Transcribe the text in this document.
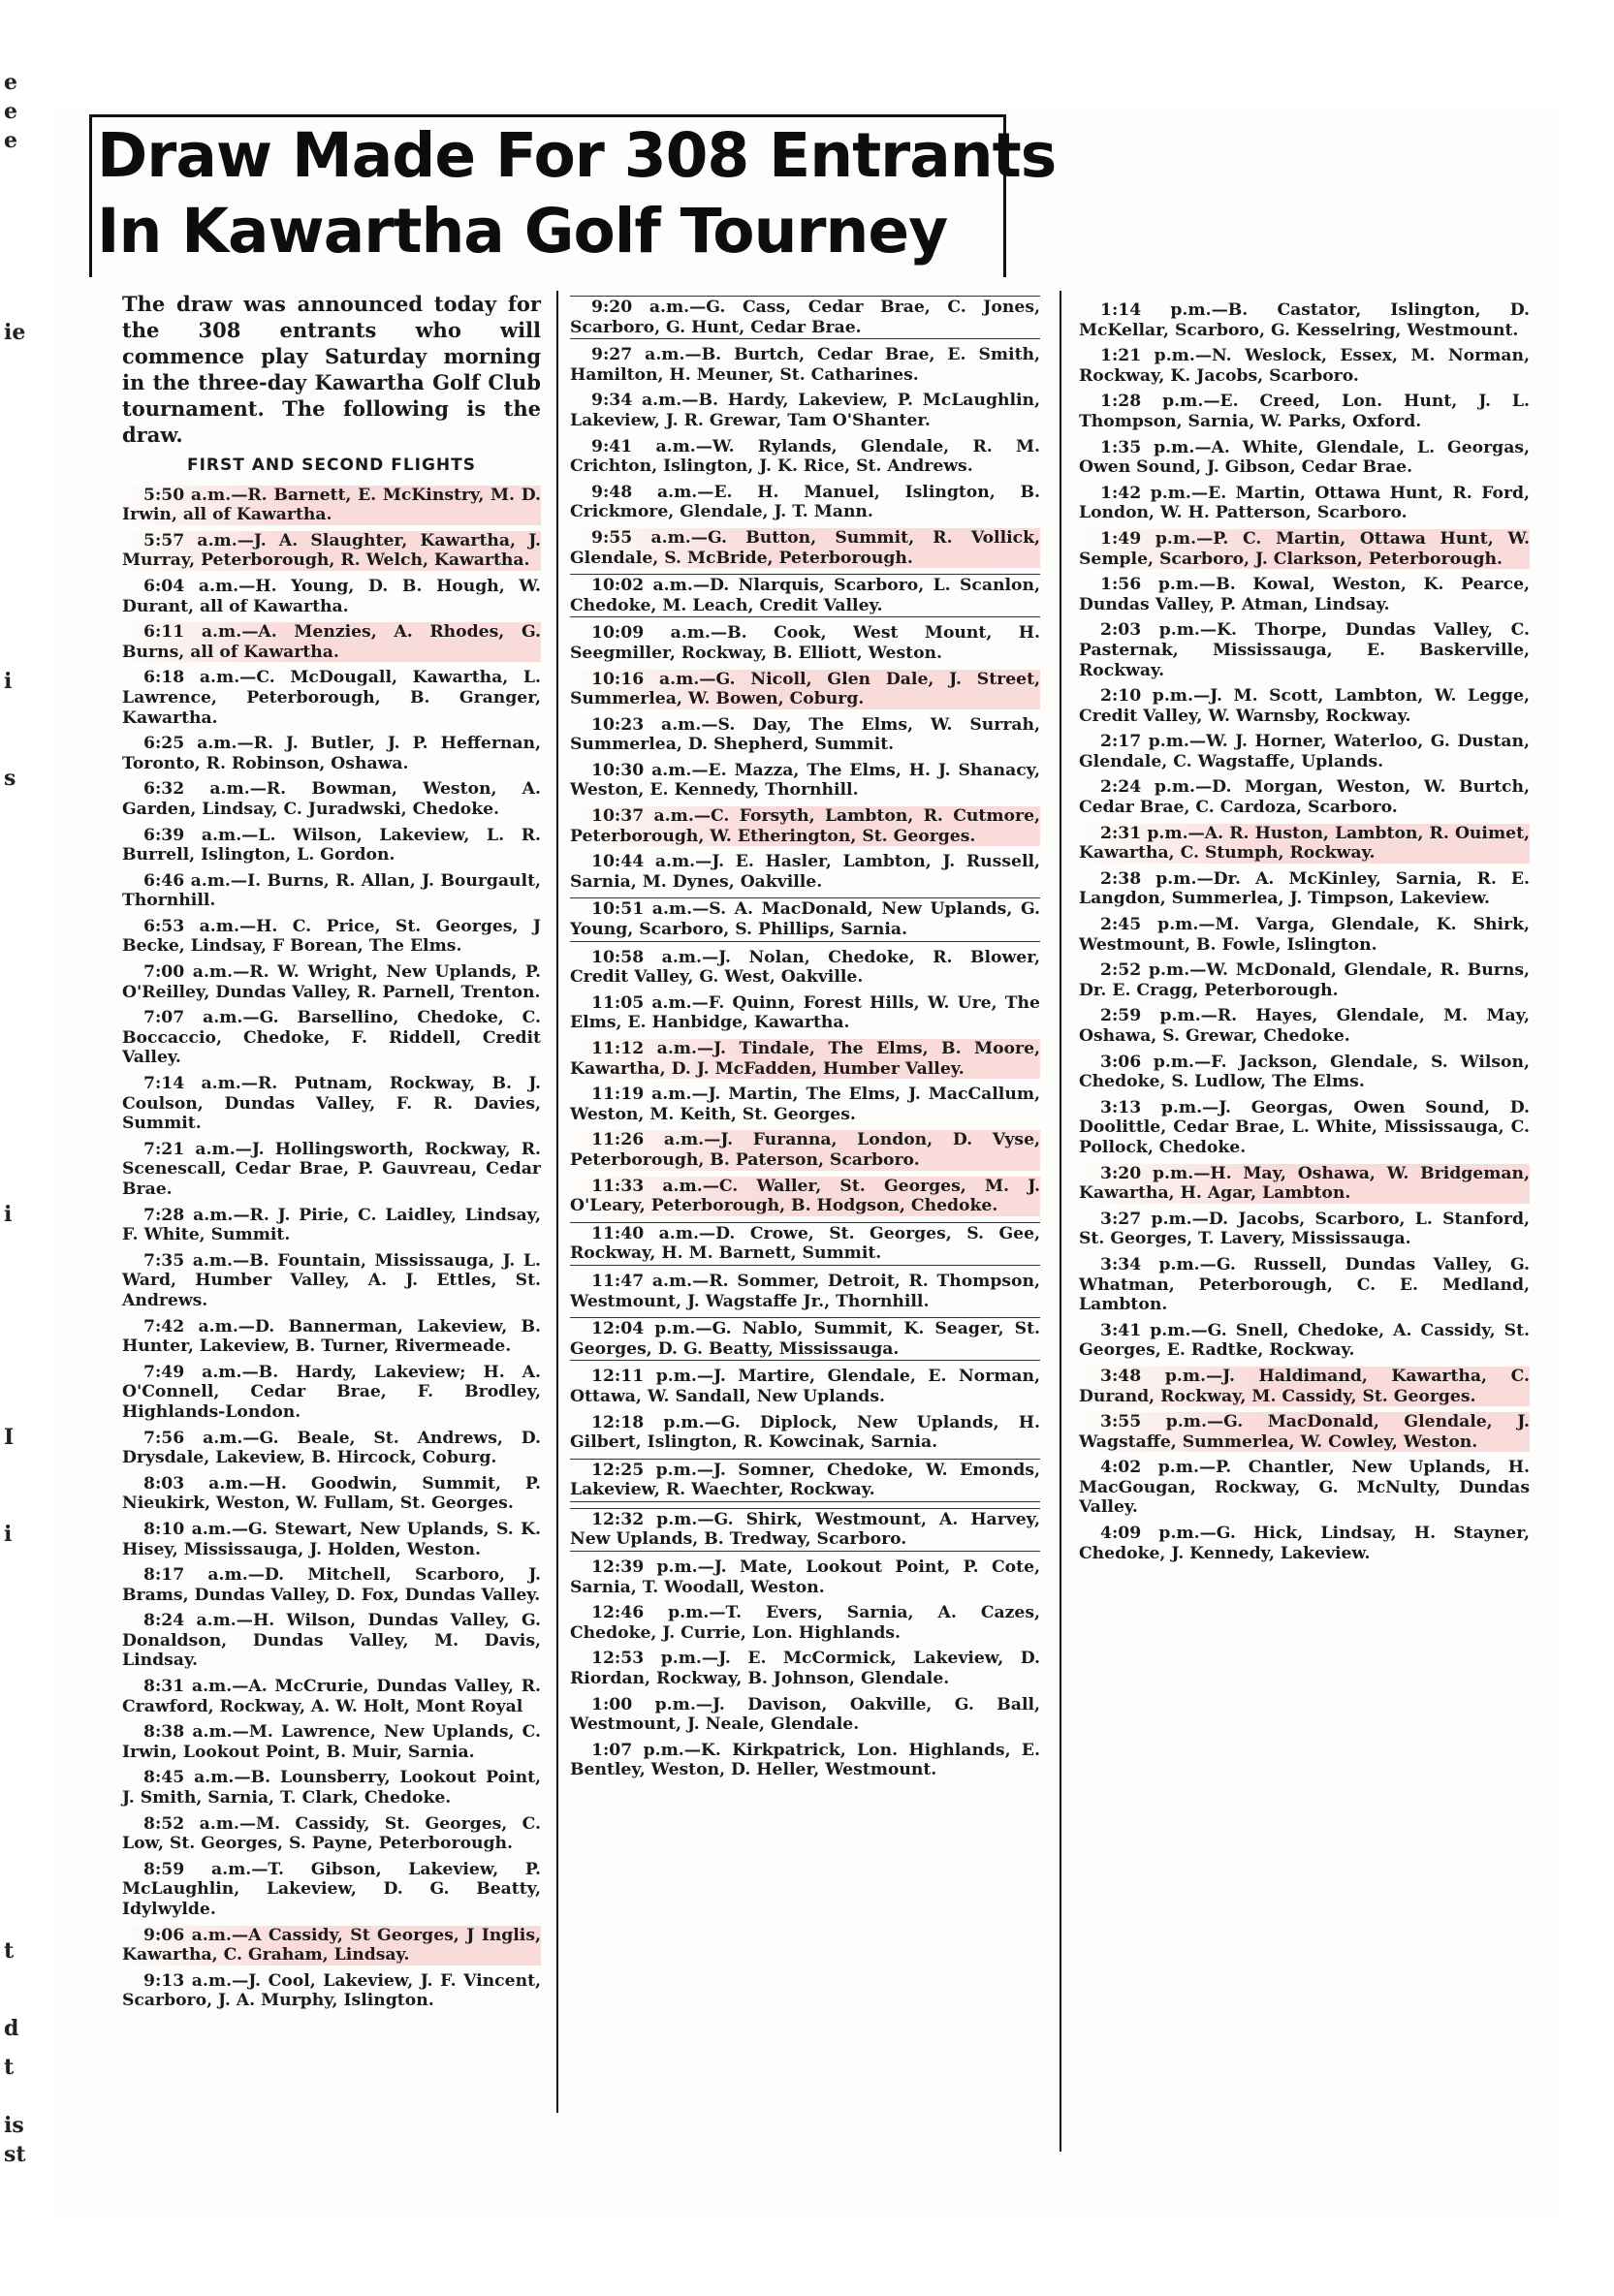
e
e
e
ie
i
s
i
I
i
t
d
t
is
st
Draw Made For 308 Entrants
In Kawartha Golf Tourney
The draw was announced today for the 308 entrants who will commence play Saturday morning in the three-day Kawartha Golf Club tournament. The following is the draw.
FIRST AND SECOND FLIGHTS
5:50 a.m.—R. Barnett, E. McKinstry, M. D. Irwin, all of Kawartha.
5:57 a.m.—J. A. Slaughter, Kawartha, J. Murray, Peterborough, R. Welch, Kawartha.
6:04 a.m.—H. Young, D. B. Hough, W. Durant, all of Kawartha.
6:11 a.m.—A. Menzies, A. Rhodes, G. Burns, all of Kawartha.
6:18 a.m.—C. McDougall, Kawartha, L. Lawrence, Peterborough, B. Granger, Kawartha.
6:25 a.m.—R. J. Butler, J. P. Heffernan, Toronto, R. Robinson, Oshawa.
6:32 a.m.—R. Bowman, Weston, A. Garden, Lindsay, C. Juradwski, Chedoke.
6:39 a.m.—L. Wilson, Lakeview, L. R. Burrell, Islington, L. Gordon.
6:46 a.m.—I. Burns, R. Allan, J. Bourgault, Thornhill.
6:53 a.m.—H. C. Price, St. Georges, J Becke, Lindsay, F Borean, The Elms.
7:00 a.m.—R. W. Wright, New Uplands, P. O'Reilley, Dundas Valley, R. Parnell, Trenton.
7:07 a.m.—G. Barsellino, Chedoke, C. Boccaccio, Chedoke, F. Riddell, Credit Valley.
7:14 a.m.—R. Putnam, Rockway, B. J. Coulson, Dundas Valley, F. R. Davies, Summit.
7:21 a.m.—J. Hollingsworth, Rockway, R. Scenescall, Cedar Brae, P. Gauvreau, Cedar Brae.
7:28 a.m.—R. J. Pirie, C. Laidley, Lindsay, F. White, Summit.
7:35 a.m.—B. Fountain, Mississauga, J. L. Ward, Humber Valley, A. J. Ettles, St. Andrews.
7:42 a.m.—D. Bannerman, Lakeview, B. Hunter, Lakeview, B. Turner, Rivermeade.
7:49 a.m.—B. Hardy, Lakeview; H. A. O'Connell, Cedar Brae, F. Brodley, Highlands-London.
7:56 a.m.—G. Beale, St. Andrews, D. Drysdale, Lakeview, B. Hircock, Coburg.
8:03 a.m.—H. Goodwin, Summit, P. Nieukirk, Weston, W. Fullam, St. Georges.
8:10 a.m.—G. Stewart, New Uplands, S. K. Hisey, Mississauga, J. Holden, Weston.
8:17 a.m.—D. Mitchell, Scarboro, J. Brams, Dundas Valley, D. Fox, Dundas Valley.
8:24 a.m.—H. Wilson, Dundas Valley, G. Donaldson, Dundas Valley, M. Davis, Lindsay.
8:31 a.m.—A. McCrurie, Dundas Valley, R. Crawford, Rockway, A. W. Holt, Mont Royal
8:38 a.m.—M. Lawrence, New Uplands, C. Irwin, Lookout Point, B. Muir, Sarnia.
8:45 a.m.—B. Lounsberry, Lookout Point, J. Smith, Sarnia, T. Clark, Chedoke.
8:52 a.m.—M. Cassidy, St. Georges, C. Low, St. Georges, S. Payne, Peterborough.
8:59 a.m.—T. Gibson, Lakeview, P. McLaughlin, Lakeview, D. G. Beatty, Idylwylde.
9:06 a.m.—A Cassidy, St Georges, J Inglis, Kawartha, C. Graham, Lindsay.
9:13 a.m.—J. Cool, Lakeview, J. F. Vincent, Scarboro, J. A. Murphy, Islington.
9:20 a.m.—G. Cass, Cedar Brae, C. Jones, Scarboro, G. Hunt, Cedar Brae.
9:27 a.m.—B. Burtch, Cedar Brae, E. Smith, Hamilton, H. Meuner, St. Catharines.
9:34 a.m.—B. Hardy, Lakeview, P. McLaughlin, Lakeview, J. R. Grewar, Tam O'Shanter.
9:41 a.m.—W. Rylands, Glendale, R. M. Crichton, Islington, J. K. Rice, St. Andrews.
9:48 a.m.—E. H. Manuel, Islington, B. Crickmore, Glendale, J. T. Mann.
9:55 a.m.—G. Button, Summit, R. Vollick, Glendale, S. McBride, Peterborough.
10:02 a.m.—D. Nlarquis, Scarboro, L. Scanlon, Chedoke, M. Leach, Credit Valley.
10:09 a.m.—B. Cook, West Mount, H. Seegmiller, Rockway, B. Elliott, Weston.
10:16 a.m.—G. Nicoll, Glen Dale, J. Street, Summerlea, W. Bowen, Coburg.
10:23 a.m.—S. Day, The Elms, W. Surrah, Summerlea, D. Shepherd, Summit.
10:30 a.m.—E. Mazza, The Elms, H. J. Shanacy, Weston, E. Kennedy, Thornhill.
10:37 a.m.—C. Forsyth, Lambton, R. Cutmore, Peterborough, W. Etherington, St. Georges.
10:44 a.m.—J. E. Hasler, Lambton, J. Russell, Sarnia, M. Dynes, Oakville.
10:51 a.m.—S. A. MacDonald, New Uplands, G. Young, Scarboro, S. Phillips, Sarnia.
10:58 a.m.—J. Nolan, Chedoke, R. Blower, Credit Valley, G. West, Oakville.
11:05 a.m.—F. Quinn, Forest Hills, W. Ure, The Elms, E. Hanbidge, Kawartha.
11:12 a.m.—J. Tindale, The Elms, B. Moore, Kawartha, D. J. McFadden, Humber Valley.
11:19 a.m.—J. Martin, The Elms, J. MacCallum, Weston, M. Keith, St. Georges.
11:26 a.m.—J. Furanna, London, D. Vyse, Peterborough, B. Paterson, Scarboro.
11:33 a.m.—C. Waller, St. Georges, M. J. O'Leary, Peterborough, B. Hodgson, Chedoke.
11:40 a.m.—D. Crowe, St. Georges, S. Gee, Rockway, H. M. Barnett, Summit.
11:47 a.m.—R. Sommer, Detroit, R. Thompson, Westmount, J. Wagstaffe Jr., Thornhill.
12:04 p.m.—G. Nablo, Summit, K. Seager, St. Georges, D. G. Beatty, Mississauga.
12:11 p.m.—J. Martire, Glendale, E. Norman, Ottawa, W. Sandall, New Uplands.
12:18 p.m.—G. Diplock, New Uplands, H. Gilbert, Islington, R. Kowcinak, Sarnia.
12:25 p.m.—J. Somner, Chedoke, W. Emonds, Lakeview, R. Waechter, Rockway.
12:32 p.m.—G. Shirk, Westmount, A. Harvey, New Uplands, B. Tredway, Scarboro.
12:39 p.m.—J. Mate, Lookout Point, P. Cote, Sarnia, T. Woodall, Weston.
12:46 p.m.—T. Evers, Sarnia, A. Cazes, Chedoke, J. Currie, Lon. Highlands.
12:53 p.m.—J. E. McCormick, Lakeview, D. Riordan, Rockway, B. Johnson, Glendale.
1:00 p.m.—J. Davison, Oakville, G. Ball, Westmount, J. Neale, Glendale.
1:07 p.m.—K. Kirkpatrick, Lon. Highlands, E. Bentley, Weston, D. Heller, Westmount.
1:14 p.m.—B. Castator, Islington, D. McKellar, Scarboro, G. Kesselring, Westmount.
1:21 p.m.—N. Weslock, Essex, M. Norman, Rockway, K. Jacobs, Scarboro.
1:28 p.m.—E. Creed, Lon. Hunt, J. L. Thompson, Sarnia, W. Parks, Oxford.
1:35 p.m.—A. White, Glendale, L. Georgas, Owen Sound, J. Gibson, Cedar Brae.
1:42 p.m.—E. Martin, Ottawa Hunt, R. Ford, London, W. H. Patterson, Scarboro.
1:49 p.m.—P. C. Martin, Ottawa Hunt, W. Semple, Scarboro, J. Clarkson, Peterborough.
1:56 p.m.—B. Kowal, Weston, K. Pearce, Dundas Valley, P. Atman, Lindsay.
2:03 p.m.—K. Thorpe, Dundas Valley, C. Pasternak, Mississauga, E. Baskerville, Rockway.
2:10 p.m.—J. M. Scott, Lambton, W. Legge, Credit Valley, W. Warnsby, Rockway.
2:17 p.m.—W. J. Horner, Waterloo, G. Dustan, Glendale, C. Wagstaffe, Uplands.
2:24 p.m.—D. Morgan, Weston, W. Burtch, Cedar Brae, C. Cardoza, Scarboro.
2:31 p.m.—A. R. Huston, Lambton, R. Ouimet, Kawartha, C. Stumph, Rockway.
2:38 p.m.—Dr. A. McKinley, Sarnia, R. E. Langdon, Summerlea, J. Timpson, Lakeview.
2:45 p.m.—M. Varga, Glendale, K. Shirk, Westmount, B. Fowle, Islington.
2:52 p.m.—W. McDonald, Glendale, R. Burns, Dr. E. Cragg, Peterborough.
2:59 p.m.—R. Hayes, Glendale, M. May, Oshawa, S. Grewar, Chedoke.
3:06 p.m.—F. Jackson, Glendale, S. Wilson, Chedoke, S. Ludlow, The Elms.
3:13 p.m.—J. Georgas, Owen Sound, D. Doolittle, Cedar Brae, L. White, Mississauga, C. Pollock, Chedoke.
3:20 p.m.—H. May, Oshawa, W. Bridgeman, Kawartha, H. Agar, Lambton.
3:27 p.m.—D. Jacobs, Scarboro, L. Stanford, St. Georges, T. Lavery, Mississauga.
3:34 p.m.—G. Russell, Dundas Valley, G. Whatman, Peterborough, C. E. Medland, Lambton.
3:41 p.m.—G. Snell, Chedoke, A. Cassidy, St. Georges, E. Radtke, Rockway.
3:48 p.m.—J. Haldimand, Kawartha, C. Durand, Rockway, M. Cassidy, St. Georges.
3:55 p.m.—G. MacDonald, Glendale, J. Wagstaffe, Summerlea, W. Cowley, Weston.
4:02 p.m.—P. Chantler, New Uplands, H. MacGougan, Rockway, G. McNulty, Dundas Valley.
4:09 p.m.—G. Hick, Lindsay, H. Stayner, Chedoke, J. Kennedy, Lakeview.
